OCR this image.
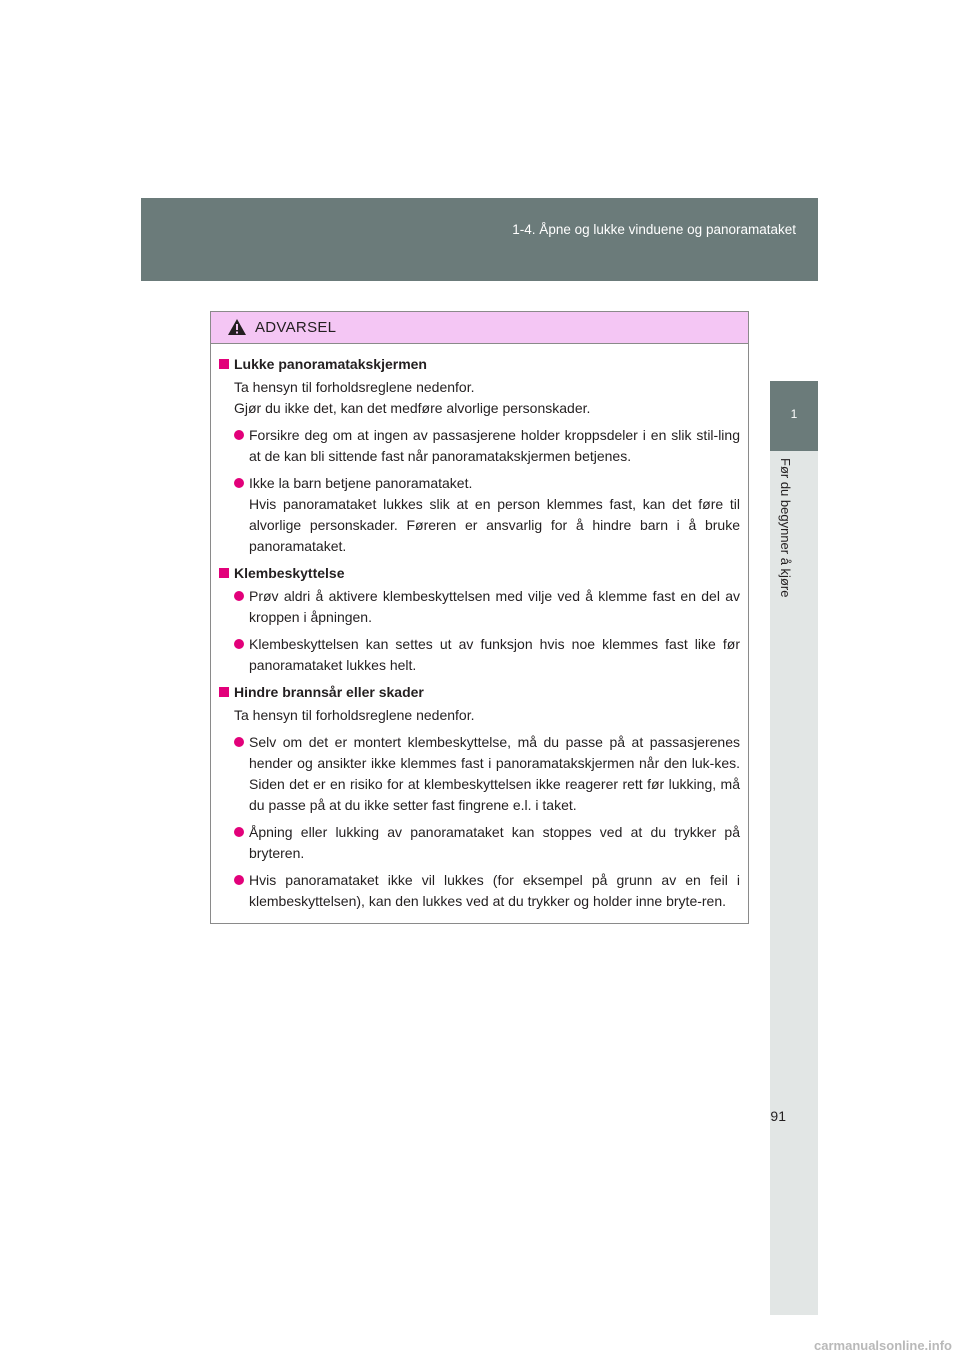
1-4. Åpne og lukke vinduene og panoramataket
1
Før du begynner å kjøre
ADVARSEL
Lukke panoramatakskjermen
Ta hensyn til forholdsreglene nedenfor.
Gjør du ikke det, kan det medføre alvorlige personskader.
Forsikre deg om at ingen av passasjerene holder kroppsdeler i en slik stil-ling at de kan bli sittende fast når panoramatakskjermen betjenes.
Ikke la barn betjene panoramataket.
Hvis panoramataket lukkes slik at en person klemmes fast, kan det føre til alvorlige personskader. Føreren er ansvarlig for å hindre barn i å bruke panoramataket.
Klembeskyttelse
Prøv aldri å aktivere klembeskyttelsen med vilje ved å klemme fast en del av kroppen i åpningen.
Klembeskyttelsen kan settes ut av funksjon hvis noe klemmes fast like før panoramataket lukkes helt.
Hindre brannsår eller skader
Ta hensyn til forholdsreglene nedenfor.
Selv om det er montert klembeskyttelse, må du passe på at passasjerenes hender og ansikter ikke klemmes fast i panoramatakskjermen når den luk-kes. Siden det er en risiko for at klembeskyttelsen ikke reagerer rett før lukking, må du passe på at du ikke setter fast fingrene e.l. i taket.
Åpning eller lukking av panoramataket kan stoppes ved at du trykker på bryteren.
Hvis panoramataket ikke vil lukkes (for eksempel på grunn av en feil i klembeskyttelsen), kan den lukkes ved at du trykker og holder inne bryte-ren.
91
carmanualsonline.info
